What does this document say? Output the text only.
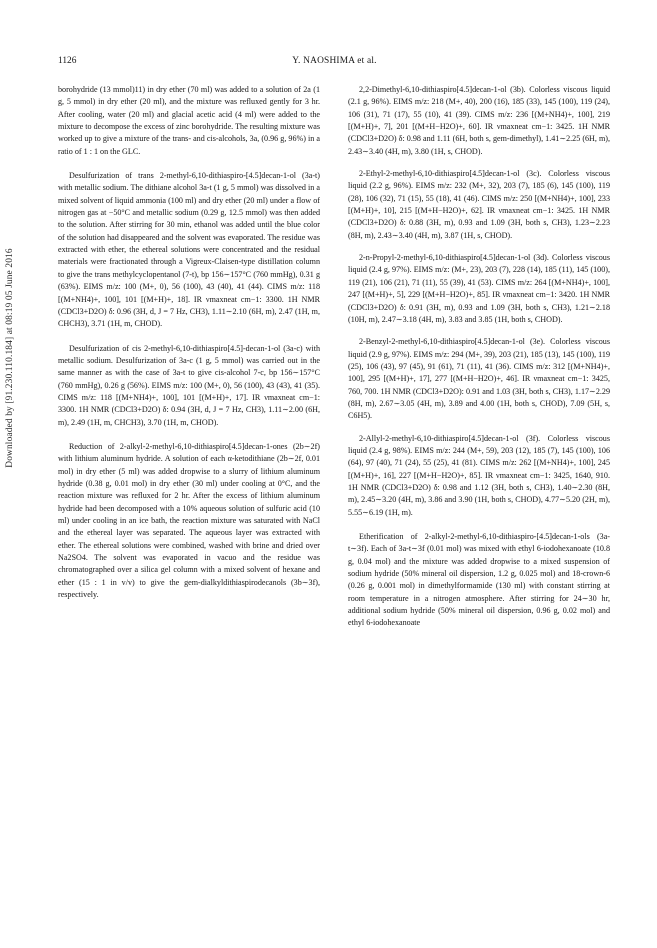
1126	Y. NAOSHIMA et al.
Downloaded by [91.230.110.184] at 08:19 05 June 2016

borohydride (13 mmol)11) in dry ether (70 ml) was added to a solution of 2a (1 g, 5 mmol) in dry ether (20 ml), and the mixture was refluxed gently for 3 hr. After cooling, water (20 ml) and glacial acetic acid (4 ml) were added to the mixture to decompose the excess of zinc borohydride. The resulting mixture was worked up to give a mixture of the trans- and cis-alcohols, 3a, (0.96 g, 96%) in a ratio of 1 : 1 on the GLC.

Desulfurization of trans 2-methyl-6,10-dithiaspiro-[4.5]decan-1-ol (3a-t) with metallic sodium. The dithiane alcohol 3a-t (1 g, 5 mmol) was dissolved in a mixed solvent of liquid ammonia (100 ml) and dry ether (20 ml) under a flow of nitrogen gas at −50°C and metallic sodium (0.29 g, 12.5 mmol) was then added to the solution. After stirring for 30 min, ethanol was added until the blue color of the solution had disappeared and the solvent was evaporated. The residue was extracted with ether, the ethereal solutions were concentrated and the residual materials were fractionated through a Vigreux-Claisen-type distillation column to give the trans methylcyclopentanol (7-t), bp 156∼157°C (760 mmHg), 0.31 g (63%). EIMS m/z: 100 (M+, 0), 56 (100), 43 (40), 41 (44). CIMS m/z: 118 [(M+NH4)+, 100], 101 [(M+H)+, 18]. IR νmaxneat cm−1: 3300. 1H NMR (CDCl3+D2O) δ: 0.96 (3H, d, J = 7 Hz, CH3), 1.11∼2.10 (6H, m), 2.47 (1H, m, CHCH3), 3.71 (1H, m, CHOD).

Desulfurization of cis 2-methyl-6,10-dithiaspiro[4.5]-decan-1-ol (3a-c) with metallic sodium. Desulfurization of 3a-c (1 g, 5 mmol) was carried out in the same manner as with the case of 3a-t to give cis-alcohol 7-c, bp 156∼157°C (760 mmHg), 0.26 g (56%). EIMS m/z: 100 (M+, 0), 56 (100), 43 (43), 41 (35). CIMS m/z: 118 [(M+NH4)+, 100], 101 [(M+H)+, 17]. IR νmaxneat cm−1: 3300. 1H NMR (CDCl3+D2O) δ: 0.94 (3H, d, J = 7 Hz, CH3), 1.11∼2.00 (6H, m), 2.49 (1H, m, CHCH3), 3.70 (1H, m, CHOD).

Reduction of 2-alkyl-2-methyl-6,10-dithiaspiro[4.5]decan-1-ones (2b∼2f) with lithium aluminum hydride. A solution of each α-ketodithiane (2b∼2f, 0.01 mol) in dry ether (5 ml) was added dropwise to a slurry of lithium aluminum hydride (0.38 g, 0.01 mol) in dry ether (30 ml) under cooling at 0°C, and the reaction mixture was refluxed for 2 hr. After the excess of lithium aluminum hydride had been decomposed with a 10% aqueous solution of sulfuric acid (10 ml) under cooling in an ice bath, the reaction mixture was saturated with NaCl and the ethereal layer was separated. The aqueous layer was extracted with ether. The ethereal solutions were combined, washed with brine and dried over Na2SO4. The solvent was evaporated in vacuo and the residue was chromatographed over a silica gel column with a mixed solvent of hexane and ether (15 : 1 in v/v) to give the gem-dialkyldithiaspirodecanols (3b∼3f), respectively.

2,2-Dimethyl-6,10-dithiaspiro[4.5]decan-1-ol (3b). Colorless viscous liquid (2.1 g, 96%). EIMS m/z: 218 (M+, 40), 200 (16), 185 (33), 145 (100), 119 (24), 106 (31), 71 (17), 55 (10), 41 (39). CIMS m/z: 236 [(M+NH4)+, 100], 219 [(M+H)+, 7], 201 [(M+H−H2O)+, 60]. IR νmaxneat cm−1: 3425. 1H NMR (CDCl3+D2O) δ: 0.98 and 1.11 (6H, both s, gem-dimethyl), 1.41∼2.25 (6H, m), 2.43∼3.40 (4H, m), 3.80 (1H, s, CHOD).

2-Ethyl-2-methyl-6,10-dithiaspiro[4.5]decan-1-ol (3c). Colorless viscous liquid (2.2 g, 96%). EIMS m/z: 232 (M+, 32), 203 (7), 185 (6), 145 (100), 119 (28), 106 (32), 71 (15), 55 (18), 41 (46). CIMS m/z: 250 [(M+NH4)+, 100], 233 [(M+H)+, 10], 215 [(M+H−H2O)+, 62]. IR νmaxneat cm−1: 3425. 1H NMR (CDCl3+D2O) δ: 0.88 (3H, m), 0.93 and 1.09 (3H, both s, CH3), 1.23∼2.23 (8H, m), 2.43∼3.40 (4H, m), 3.87 (1H, s, CHOD).

2-n-Propyl-2-methyl-6,10-dithiaspiro[4.5]decan-1-ol (3d). Colorless viscous liquid (2.4 g, 97%). EIMS m/z: (M+, 23), 203 (7), 228 (14), 185 (11), 145 (100), 119 (21), 106 (21), 71 (11), 55 (39), 41 (53). CIMS m/z: 264 [(M+NH4)+, 100], 247 [(M+H)+, 5], 229 [(M+H−H2O)+, 85]. IR νmaxneat cm−1: 3420. 1H NMR (CDCl3+D2O) δ: 0.91 (3H, m), 0.93 and 1.09 (3H, both s, CH3), 1.21∼2.18 (10H, m), 2.47∼3.18 (4H, m), 3.83 and 3.85 (1H, both s, CHOD).

2-Benzyl-2-methyl-6,10-dithiaspiro[4.5]decan-1-ol (3e). Colorless viscous liquid (2.9 g, 97%). EIMS m/z: 294 (M+, 39), 203 (21), 185 (13), 145 (100), 119 (25), 106 (43), 97 (45), 91 (61), 71 (11), 41 (36). CIMS m/z: 312 [(M+NH4)+, 100], 295 [(M+H)+, 17], 277 [(M+H−H2O)+, 46]. IR νmaxneat cm−1: 3425, 760, 700. 1H NMR (CDCl3+D2O): 0.91 and 1.03 (3H, both s, CH3), 1.17∼2.29 (8H, m), 2.67∼3.05 (4H, m), 3.89 and 4.00 (1H, both s, CHOD), 7.09 (5H, s, C6H5).

2-Allyl-2-methyl-6,10-dithiaspiro[4.5]decan-1-ol (3f). Colorless viscous liquid (2.4 g, 98%). EIMS m/z: 244 (M+, 59), 203 (12), 185 (7), 145 (100), 106 (64), 97 (40), 71 (24), 55 (25), 41 (81). CIMS m/z: 262 [(M+NH4)+, 100], 245 [(M+H)+, 16], 227 [(M+H−H2O)+, 85]. IR νmaxneat cm−1: 3425, 1640, 910. 1H NMR (CDCl3+D2O) δ: 0.98 and 1.12 (3H, both s, CH3), 1.40∼2.30 (8H, m), 2.45∼3.20 (4H, m), 3.86 and 3.90 (1H, both s, CHOD), 4.77∼5.20 (2H, m), 5.55∼6.19 (1H, m).

Etherification of 2-alkyl-2-methyl-6,10-dithiaspiro-[4.5]decan-1-ols (3a-t∼3f). Each of 3a-t∼3f (0.01 mol) was mixed with ethyl 6-iodohexanoate (10.8 g, 0.04 mol) and the mixture was added dropwise to a mixed suspension of sodium hydride (50% mineral oil dispersion, 1.2 g, 0.025 mol) and 18-crown-6 (0.26 g, 0.001 mol) in dimethylformamide (130 ml) with constant stirring at room temperature in a nitrogen atmosphere. After stirring for 24∼30 hr, additional sodium hydride (50% mineral oil dispersion, 0.96 g, 0.02 mol) and ethyl 6-iodohexanoate
